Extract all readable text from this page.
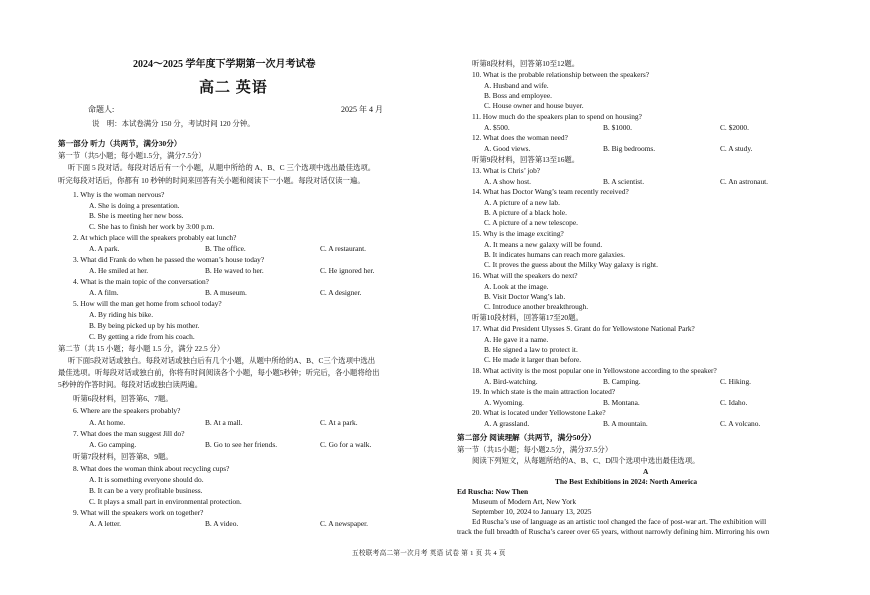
2024～2025 学年度下学期第一次月考试卷
高二 英语
命题人:	2025 年 4 月
说　明：本试卷满分 150 分，考试时间 120 分钟。
第一部分 听力（共两节，满分30分）
第一节（共5小题；每小题1.5分，满分7.5分）
听下面 5 段对话。每段对话后有一个小题，从题中所给的 A、B、C 三个选项中选出最佳选项。
听完每段对话后，你都有 10 秒钟的时间来回答有关小题和阅读下一小题。每段对话仅读一遍。
1. Why is the woman nervous?
A. She is doing a presentation.
B. She is meeting her new boss.
C. She has to finish her work by 3:00 p.m.
2. At which place will the speakers probably eat lunch?
A. A park.	B. The office.	C. A restaurant.
3. What did Frank do when he passed the woman’s house today?
A. He smiled at her.	B. He waved to her.	C. He ignored her.
4. What is the main topic of the conversation?
A. A film.	B. A museum.	C. A designer.
5. How will the man get home from school today?
A. By riding his bike.
B. By being picked up by his mother.
C. By getting a ride from his coach.
第二节（共 15 小题；每小题 1.5 分，满分 22.5 分）
听下面5段对话或独白。每段对话或独白后有几个小题，从题中所给的A、B、C三个选项中选出
最佳选项。听每段对话或独白前，你将有时间阅读各个小题，每小题5秒钟；听完后，各小题将给出
5秒钟的作答时间。每段对话或独白读两遍。
听第6段材料，回答第6、7题。
6. Where are the speakers probably?
A. At home.	B. At a mall.	C. At a park.
7. What does the man suggest Jill do?
A. Go camping.	B. Go to see her friends.	C. Go for a walk.
听第7段材料，回答第8、9题。
8. What does the woman think about recycling cups?
A. It is something everyone should do.
B. It can be a very profitable business.
C. It plays a small part in environmental protection.
9. What will the speakers work on together?
A. A letter.	B. A video.	C. A newspaper.
听第8段材料，回答第10至12题。
10. What is the probable relationship between the speakers?
A. Husband and wife.
B. Boss and employee.
C. House owner and house buyer.
11. How much do the speakers plan to spend on housing?
A. $500.	B. $1000.	C. $2000.
12. What does the woman need?
A. Good views.	B. Big bedrooms.	C. A study.
听第9段材料，回答第13至16题。
13. What is Chris’ job?
A. A show host.	B. A scientist.	C. An astronaut.
14. What has Doctor Wang’s team recently received?
A. A picture of a new lab.
B. A picture of a black hole.
C. A picture of a new telescope.
15. Why is the image exciting?
A. It means a new galaxy will be found.
B. It indicates humans can reach more galaxies.
C. It proves the guess about the Milky Way galaxy is right.
16. What will the speakers do next?
A. Look at the image.
B. Visit Doctor Wang’s lab.
C. Introduce another breakthrough.
听第10段材料，回答第17至20题。
17. What did President Ulysses S. Grant do for Yellowstone National Park?
A. He gave it a name.
B. He signed a law to protect it.
C. He made it larger than before.
18. What activity is the most popular one in Yellowstone according to the speaker?
A. Bird-watching.	B. Camping.	C. Hiking.
19. In which state is the main attraction located?
A. Wyoming.	B. Montana.	C. Idaho.
20. What is located under Yellowstone Lake?
A. A grassland.	B. A mountain.	C. A volcano.
第二部分 阅读理解（共两节，满分50分）
第一节（共15小题；每小题2.5分，满分37.5分）
阅读下列短文，从每题所给的A、B、C、D四个选项中选出最佳选项。
A
The Best Exhibitions in 2024: North America
Ed Ruscha: Now Then
Museum of Modern Art, New York
September 10, 2024 to January 13, 2025
Ed Ruscha’s use of language as an artistic tool changed the face of post-war art. The exhibition will
track the full breadth of Ruscha’s career over 65 years, without narrowly defining him. Mirroring his own
五校联考高二第一次月考 英语 试卷 第 1 页 共 4 页
